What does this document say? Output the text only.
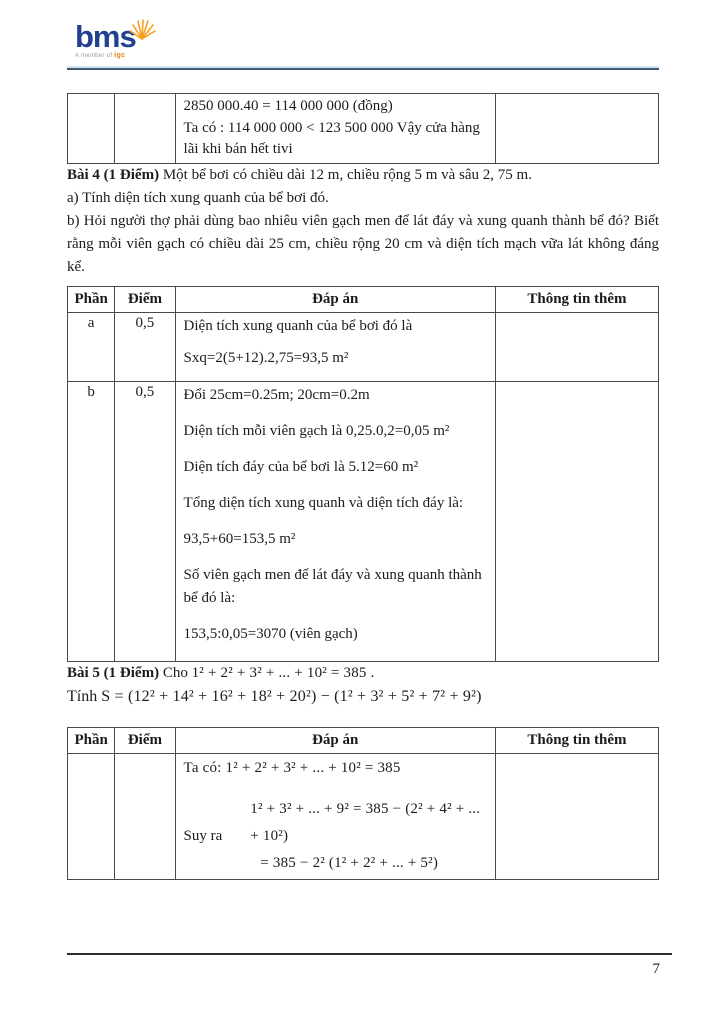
bms
A member of igc

2850 000.40 = 114 000 000 (đồng)
Ta có : 114 000 000 < 123 500 000 Vậy cửa hàng
lãi khi bán hết tivi

Bài 4 (1 Điểm) Một bể bơi có chiều dài 12 m, chiều rộng 5 m và sâu 2, 75 m.

a) Tính diện tích xung quanh của bể bơi đó.

b) Hỏi người thợ phải dùng bao nhiêu viên gạch men để lát đáy và xung quanh thành bể đó? Biết rằng mỗi viên gạch có chiều dài 25 cm, chiều rộng 20 cm và diện tích mạch vữa lát không đáng kể.

Phần	Điểm	Đáp án	Thông tin thêm
a	0,5	Diện tích xung quanh của bể bơi đó là

Sxq=2(5+12).2,75=93,5 m²	

b	0,5	Đổi 25cm=0.25m; 20cm=0.2m

Diện tích mỗi viên gạch là 0,25.0,2=0,05 m²

Diện tích đáy của bể bơi là 5.12=60 m²

Tổng diện tích xung quanh và diện tích đáy là:

93,5+60=153,5 m²

Số viên gạch men để lát đáy và xung quanh thành bể đó là:

153,5:0,05=3070 (viên gạch)

Bài 5 (1 Điểm) Cho 1² + 2² + 3² + ... + 10² = 385 .

Tính S = (12² + 14² + 16² + 18² + 20²) − (1² + 3² + 5² + 7² + 9²)

Phần	Điểm	Đáp án	Thông tin thêm

		Ta có: 1² + 2² + 3² + ... + 10² = 385

Suy ra
1² + 3² + ... + 9² = 385 − (2² + 4² + ... + 10²)
= 385 − 2² (1² + 2² + ... + 5²)	

7
